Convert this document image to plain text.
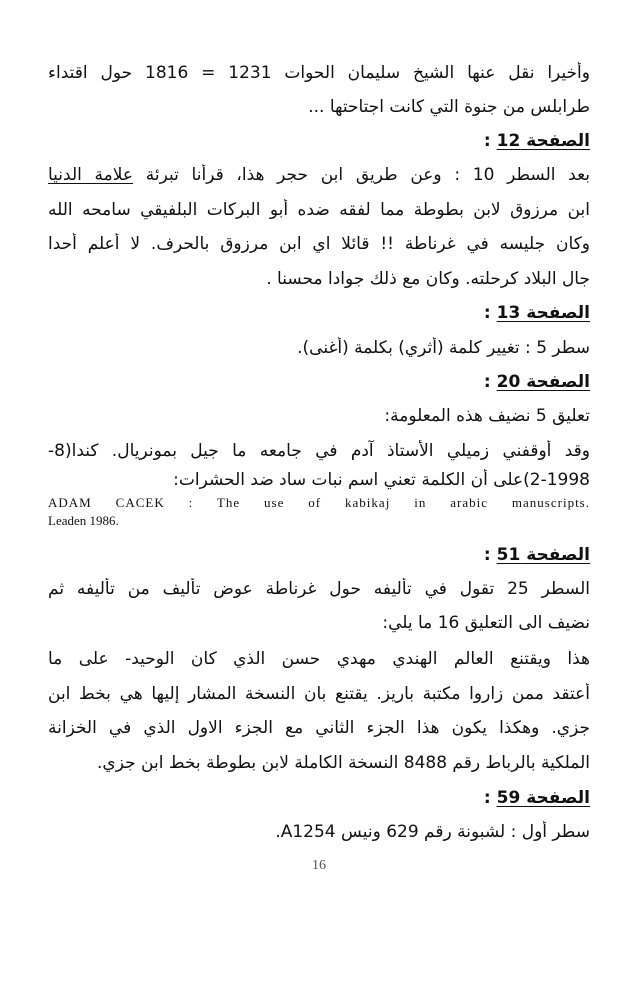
وأخيرا نقل عنها الشيخ سليمان الحوات 1231 = 1816 حول اقتداء
طرابلس من جنوة التي كانت اجتاحتها ...
الصفحة 12 :
بعد السطر 10 : وعن طريق ابن حجر هذا، قرأنا تبرئة علامة الدنيا
ابن مرزوق لابن بطوطة مما لفقه ضده أبو البركات البلفيقي سامحه الله
وكان جليسه في غرناطة !! قائلا اي ابن مرزوق بالحرف. لا أعلم أحدا
جال البلاد كرحلته. وكان مع ذلك جوادا محسنا .
الصفحة 13 :
سطر 5 : تغيير كلمة (أثري) بكلمة (أغنى).
الصفحة 20 :
تعليق 5 نضيف هذه المعلومة:
وقد أوقفني زميلي الأستاذ آدم في جامعه ما جيل بمونريال. كندا(8-
2-1998)على أن الكلمة تعني اسم نبات ساد ضد الحشرات:
ADAM CACEK : The use of kabikaj in arabic manuscripts.
Leaden 1986.
الصفحة 51 :
السطر 25 تقول في تأليفه حول غرناطة عوض تأليف من تأليفه ثم
نضيف الى التعليق 16 ما يلي:
هذا ويقتنع العالم الهندي مهدي حسن الذي كان الوحيد- على ما
أعتقد ممن زاروا مكتبة باريز. يقتنع بان النسخة المشار إليها هي بخط ابن
جزي. وهكذا يكون هذا الجزء الثاني مع الجزء الاول الذي في الخزانة
الملكية بالرباط رقم 8488 النسخة الكاملة لابن بطوطة بخط ابن جزي.
الصفحة 59 :
سطر أول : لشبونة رقم 629 ونيس A1254.
16
